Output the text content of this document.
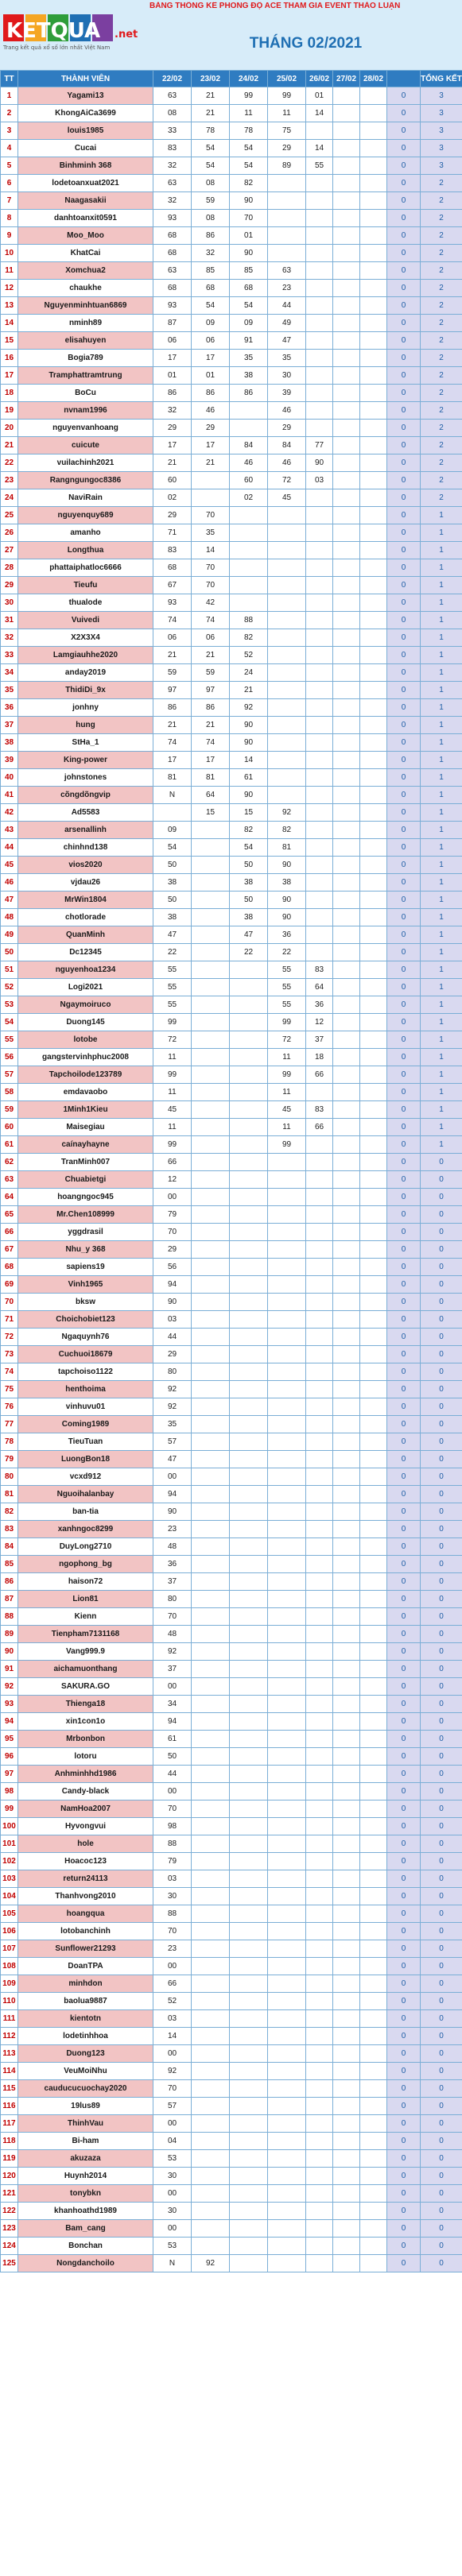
KETQUA .net
Trang kết quả xổ số lớn nhất Việt Nam
BẢNG THỐNG KÊ PHONG ĐỘ ACE THAM GIA EVENT THẢO LUẬN
THÁNG 02/2021
TT	THÀNH VIÊN	22/02	23/02	24/02	25/02	26/02	27/02	28/02		TỔNG KẾT
1	Yagami13	63	21	99	99	01			0	3
2	KhongAiCa3699	08	21	11	11	14			0	3
3	louis1985	33	78	78	75				0	3
4	Cucai	83	54	54	29	14			0	3
5	Binhminh 368	32	54	54	89	55			0	3
6	lodetoanxuat2021	63	08	82					0	2
7	Naagasakii	32	59	90					0	2
8	danhtoanxit0591	93	08	70					0	2
9	Moo_Moo	68	86	01					0	2
10	KhatCai	68	32	90					0	2
11	Xomchua2	63	85	85	63				0	2
12	chaukhe	68	68	68	23				0	2
13	Nguyenminhtuan6869	93	54	54	44				0	2
14	nminh89	87	09	09	49				0	2
15	elisahuyen	06	06	91	47				0	2
16	Bogia789	17	17	35	35				0	2
17	Tramphattramtrung	01	01	38	30				0	2
18	BoCu	86	86	86	39				0	2
19	nvnam1996	32	46		46				0	2
20	nguyenvanhoang	29	29		29				0	2
21	cuicute	17	17	84	84	77			0	2
22	vuilachinh2021	21	21	46	46	90			0	2
23	Rangngungoc8386	60		60	72	03			0	2
24	NaviRain	02		02	45				0	2
25	nguyenquy689	29	70						0	1
26	amanho	71	35						0	1
27	Longthua	83	14						0	1
28	phattaiphatloc6666	68	70						0	1
29	Tieufu	67	70						0	1
30	thualode	93	42						0	1
31	Vuivedi	74	74	88					0	1
32	X2X3X4	06	06	82					0	1
33	Lamgiauhhe2020	21	21	52					0	1
34	anday2019	59	59	24					0	1
35	ThidiDi_9x	97	97	21					0	1
36	jonhny	86	86	92					0	1
37	hung	21	21	90					0	1
38	StHa_1	74	74	90					0	1
39	King-power	17	17	14					0	1
40	johnstones	81	81	61					0	1
41	cõngdõngvip	N	64	90					0	1
42	Ad5583		15	15	92				0	1
43	arsenallinh	09		82	82				0	1
44	chinhnd138	54		54	81				0	1
45	vios2020	50		50	90				0	1
46	vjdau26	38		38	38				0	1
47	MrWin1804	50		50	90				0	1
48	chotlorade	38		38	90				0	1
49	QuanMinh	47		47	36				0	1
50	Dc12345	22		22	22				0	1
51	nguyenhoa1234	55			55	83			0	1
52	Logi2021	55			55	64			0	1
53	Ngaymoiruco	55			55	36			0	1
54	Duong145	99			99	12			0	1
55	lotobe	72			72	37			0	1
56	gangstervinhphuc2008	11			11	18			0	1
57	Tapchoilode123789	99			99	66			0	1
58	emdavaobo	11			11				0	1
59	1Minh1Kieu	45			45	83			0	1
60	Maisegiau	11			11	66			0	1
61	caínayhayne	99			99				0	1
62	TranMinh007	66							0	0
63	Chuabietgi	12							0	0
64	hoangngoc945	00							0	0
65	Mr.Chen108999	79							0	0
66	yggdrasil	70							0	0
67	Nhu_y 368	29							0	0
68	sapiens19	56							0	0
69	Vinh1965	94							0	0
70	bksw	90							0	0
71	Choichobiet123	03							0	0
72	Ngaquynh76	44							0	0
73	Cuchuoi18679	29							0	0
74	tapchoiso1122	80							0	0
75	henthoima	92							0	0
76	vinhuvu01	92							0	0
77	Coming1989	35							0	0
78	TieuTuan	57							0	0
79	LuongBon18	47							0	0
80	vcxd912	00							0	0
81	Nguoihalanbay	94							0	0
82	ban-tia	90							0	0
83	xanhngoc8299	23							0	0
84	DuyLong2710	48							0	0
85	ngophong_bg	36							0	0
86	haison72	37							0	0
87	Lion81	80							0	0
88	Kienn	70							0	0
89	Tienpham7131168	48							0	0
90	Vang999.9	92							0	0
91	aichamuonthang	37							0	0
92	SAKURA.GO	00							0	0
93	Thienga18	34							0	0
94	xin1con1o	94							0	0
95	Mrbonbon	61							0	0
96	lotoru	50							0	0
97	Anhminhhd1986	44							0	0
98	Candy-black	00							0	0
99	NamHoa2007	70							0	0
100	Hyvongvui	98							0	0
101	hole	88							0	0
102	Hoacoc123	79							0	0
103	return24113	03							0	0
104	Thanhvong2010	30							0	0
105	hoangqua	88							0	0
106	lotobanchinh	70							0	0
107	Sunflower21293	23							0	0
108	DoanTPA	00							0	0
109	minhdon	66							0	0
110	baolua9887	52							0	0
111	kientotn	03							0	0
112	lodetinhhoa	14							0	0
113	Duong123	00							0	0
114	VeuMoiNhu	92							0	0
115	cauducucuochay2020	70							0	0
116	19lus89	57							0	0
117	ThinhVau	00							0	0
118	Bi-ham	04							0	0
119	akuzaza	53							0	0
120	Huynh2014	30							0	0
121	tonybkn	00							0	0
122	khanhoathd1989	30							0	0
123	Bam_cang	00							0	0
124	Bonchan	53							0	0
125	Nongdanchoilo	N	92						0	0
